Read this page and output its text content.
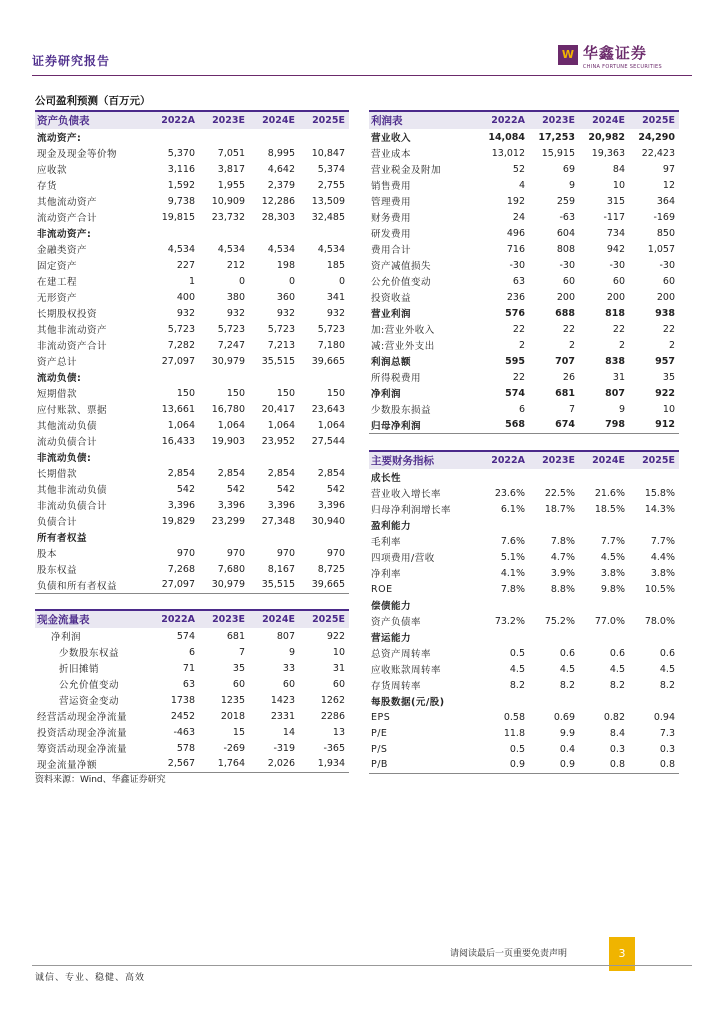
证券研究报告	W 华鑫证券
CHINA FORTUNE SECURITIES
公司盈利预测（百万元）
资产负债表	2022A	2023E	2024E	2025E
流动资产:				
现金及现金等价物	5,370	7,051	8,995	10,847
应收款	3,116	3,817	4,642	5,374
存货	1,592	1,955	2,379	2,755
其他流动资产	9,738	10,909	12,286	13,509
流动资产合计	19,815	23,732	28,303	32,485
非流动资产:				
金融类资产	4,534	4,534	4,534	4,534
固定资产	227	212	198	185
在建工程	1	0	0	0
无形资产	400	380	360	341
长期股权投资	932	932	932	932
其他非流动资产	5,723	5,723	5,723	5,723
非流动资产合计	7,282	7,247	7,213	7,180
资产总计	27,097	30,979	35,515	39,665
流动负债:				
短期借款	150	150	150	150
应付账款、票据	13,661	16,780	20,417	23,643
其他流动负债	1,064	1,064	1,064	1,064
流动负债合计	16,433	19,903	23,952	27,544
非流动负债:				
长期借款	2,854	2,854	2,854	2,854
其他非流动负债	542	542	542	542
非流动负债合计	3,396	3,396	3,396	3,396
负债合计	19,829	23,299	27,348	30,940
所有者权益				
股本	970	970	970	970
股东权益	7,268	7,680	8,167	8,725
负债和所有者权益	27,097	30,979	35,515	39,665
利润表	2022A	2023E	2024E	2025E
营业收入	14,084	17,253	20,982	24,290
营业成本	13,012	15,915	19,363	22,423
营业税金及附加	52	69	84	97
销售费用	4	9	10	12
管理费用	192	259	315	364
财务费用	24	-63	-117	-169
研发费用	496	604	734	850
费用合计	716	808	942	1,057
资产减值损失	-30	-30	-30	-30
公允价值变动	63	60	60	60
投资收益	236	200	200	200
营业利润	576	688	818	938
加:营业外收入	22	22	22	22
减:营业外支出	2	2	2	2
利润总额	595	707	838	957
所得税费用	22	26	31	35
净利润	574	681	807	922
少数股东损益	6	7	9	10
归母净利润	568	674	798	912
主要财务指标	2022A	2023E	2024E	2025E
成长性				
营业收入增长率	23.6%	22.5%	21.6%	15.8%
归母净利润增长率	6.1%	18.7%	18.5%	14.3%
盈利能力				
毛利率	7.6%	7.8%	7.7%	7.7%
四项费用/营收	5.1%	4.7%	4.5%	4.4%
净利率	4.1%	3.9%	3.8%	3.8%
ROE	7.8%	8.8%	9.8%	10.5%
偿债能力				
资产负债率	73.2%	75.2%	77.0%	78.0%
营运能力				
总资产周转率	0.5	0.6	0.6	0.6
应收账款周转率	4.5	4.5	4.5	4.5
存货周转率	8.2	8.2	8.2	8.2
每股数据(元/股)				
EPS	0.58	0.69	0.82	0.94
P/E	11.8	9.9	8.4	7.3
P/S	0.5	0.4	0.3	0.3
P/B	0.9	0.9	0.8	0.8
现金流量表	2022A	2023E	2024E	2025E
净利润	574	681	807	922
少数股东权益	6	7	9	10
折旧摊销	71	35	33	31
公允价值变动	63	60	60	60
营运资金变动	1738	1235	1423	1262
经营活动现金净流量	2452	2018	2331	2286
投资活动现金净流量	-463	15	14	13
筹资活动现金净流量	578	-269	-319	-365
现金流量净额	2,567	1,764	2,026	1,934
资料来源：Wind、华鑫证券研究
请阅读最后一页重要免责声明	3
诚信、专业、稳健、高效
